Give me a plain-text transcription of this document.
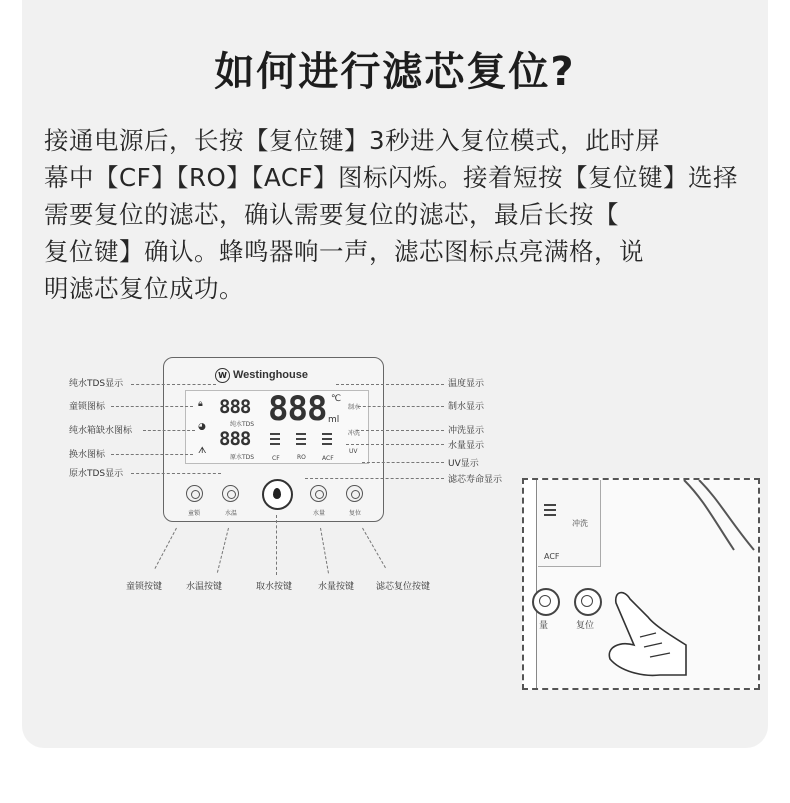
如何进行滤芯复位?
接通电源后，长按【复位键】3秒进入复位模式，此时屏
幕中【CF】【RO】【ACF】图标闪烁。接着短按【复位键】选择
需要复位的滤芯，确认需要复位的滤芯，最后长按【
复位键】确认。蜂鸣器响一声，滤芯图标点亮满格，说
明滤芯复位成功。
W Westinghouse
🔒︎ 888
纯水TDS
◕
888
原水TDS
ᗑ
888 ℃
ml
制水
冲洗
UV
CF	RO	ACF
童锁	水温	水量	复位
纯水TDS显示
童锁图标
纯水箱缺水图标
换水图标
原水TDS显示
温度显示
制水显示
冲洗显示
水量显示
UV显示
滤芯寿命显示
童锁按键	水温按键	取水按键	水量按键 滤芯复位按键
冲洗
ACF
量	复位
